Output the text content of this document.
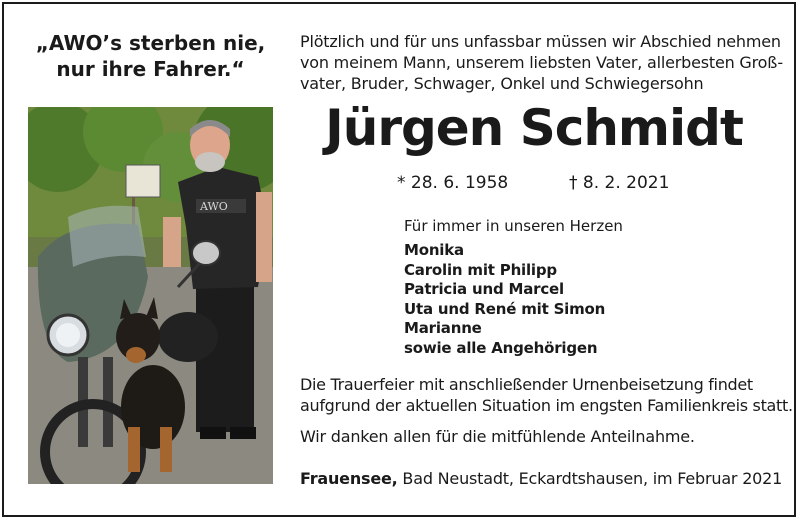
„AWO’s sterben nie,
nur ihre Fahrer.“
AWO
Plötzlich und für uns unfassbar müssen wir Abschied nehmen
von meinem Mann, unserem liebsten Vater, allerbesten Groß-
vater, Bruder, Schwager, Onkel und Schwiegersohn
Jürgen Schmidt
* 28. 6. 1958	† 8. 2. 2021
Für immer in unseren Herzen
Monika
Carolin mit Philipp
Patricia und Marcel
Uta und René mit Simon
Marianne
sowie alle Angehörigen
Die Trauerfeier mit anschließender Urnenbeisetzung findet
aufgrund der aktuellen Situation im engsten Familienkreis statt.
Wir danken allen für die mitfühlende Anteilnahme.
Frauensee, Bad Neustadt, Eckardtshausen, im Februar 2021
